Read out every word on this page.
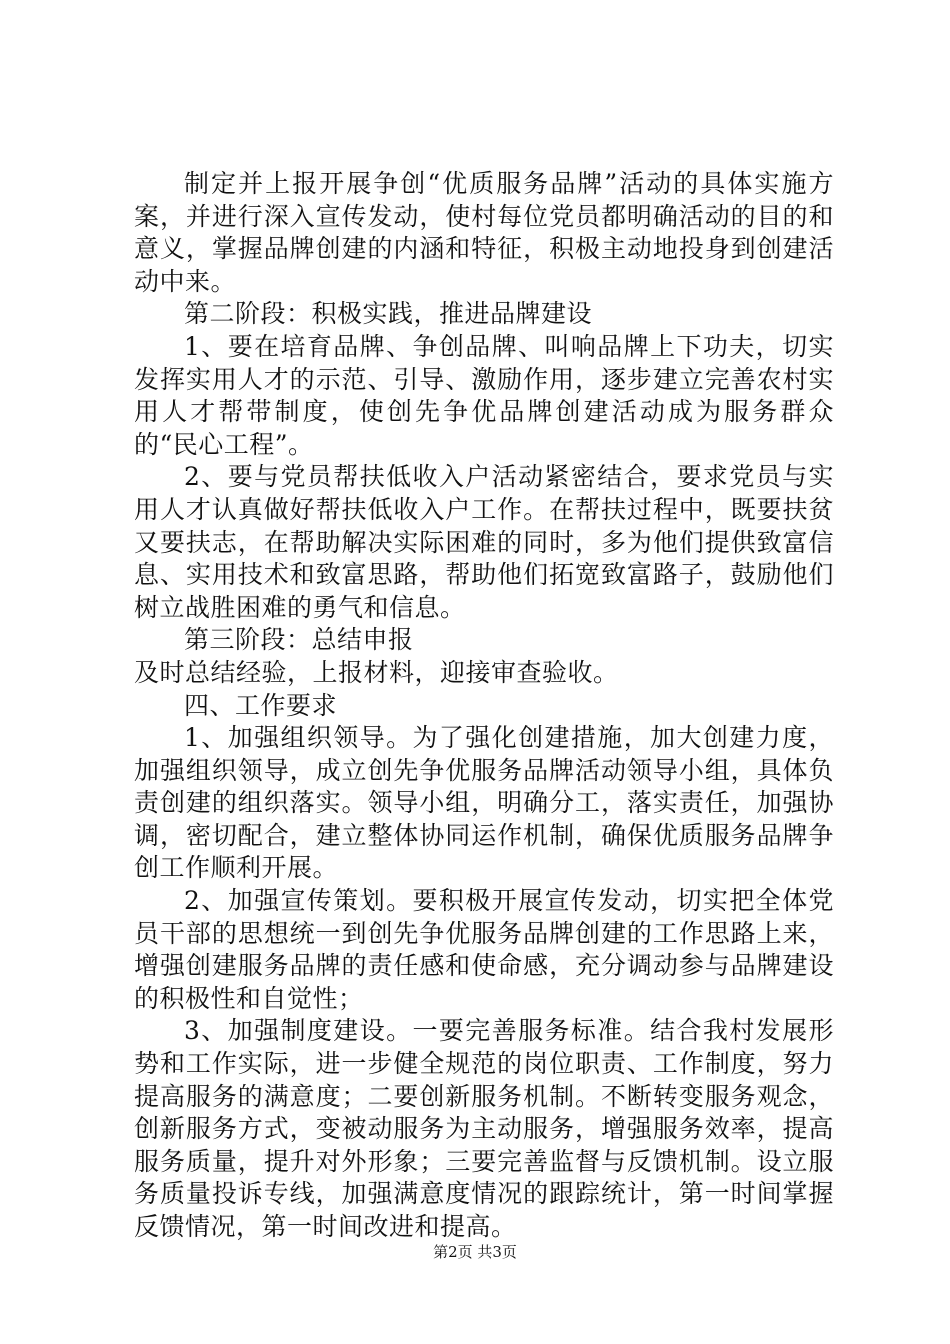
制定并上报开展争创“优质服务品牌”活动的具体实施方案，并进行深入宣传发动，使村每位党员都明确活动的目的和意义，掌握品牌创建的内涵和特征，积极主动地投身到创建活动中来。

第二阶段：积极实践，推进品牌建设

1、要在培育品牌、争创品牌、叫响品牌上下功夫，切实发挥实用人才的示范、引导、激励作用，逐步建立完善农村实用人才帮带制度，使创先争优品牌创建活动成为服务群众的“民心工程”。

2、要与党员帮扶低收入户活动紧密结合，要求党员与实用人才认真做好帮扶低收入户工作。在帮扶过程中，既要扶贫又要扶志，在帮助解决实际困难的同时，多为他们提供致富信息、实用技术和致富思路，帮助他们拓宽致富路子，鼓励他们树立战胜困难的勇气和信息。

第三阶段：总结申报

及时总结经验，上报材料，迎接审查验收。

四、工作要求

1、加强组织领导。为了强化创建措施，加大创建力度，加强组织领导，成立创先争优服务品牌活动领导小组，具体负责创建的组织落实。领导小组，明确分工，落实责任，加强协调，密切配合，建立整体协同运作机制，确保优质服务品牌争创工作顺利开展。

2、加强宣传策划。要积极开展宣传发动，切实把全体党员干部的思想统一到创先争优服务品牌创建的工作思路上来，增强创建服务品牌的责任感和使命感，充分调动参与品牌建设的积极性和自觉性；

3、加强制度建设。一要完善服务标准。结合我村发展形势和工作实际，进一步健全规范的岗位职责、工作制度，努力提高服务的满意度；二要创新服务机制。不断转变服务观念，创新服务方式，变被动服务为主动服务，增强服务效率，提高服务质量，提升对外形象；三要完善监督与反馈机制。设立服务质量投诉专线，加强满意度情况的跟踪统计，第一时间掌握反馈情况，第一时间改进和提高。

第2页 共3页
